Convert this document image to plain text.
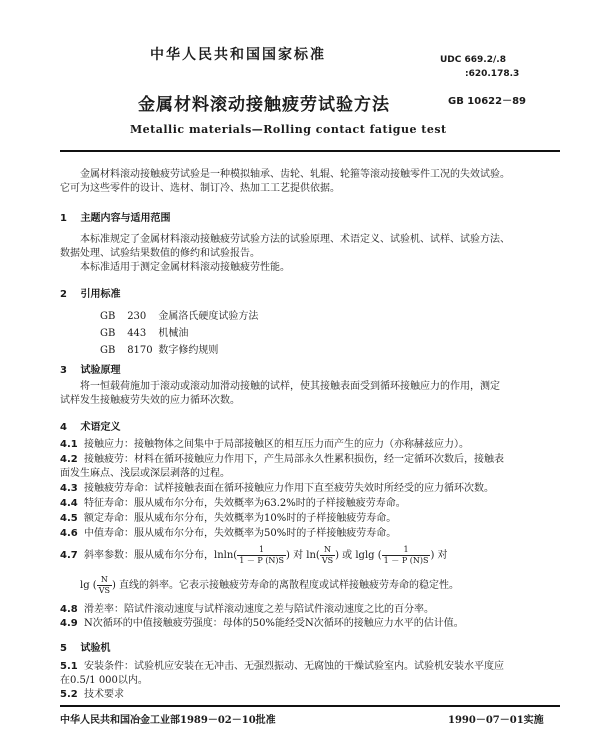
中华人民共和国国家标准	UDC 669.2/.8
:620.178.3
GB 10622－89
金属材料滚动接触疲劳试验方法
Metallic materials—Rolling contact fatigue test
金属材料滚动接触疲劳试验是一种模拟轴承、齿轮、轧辊、轮箍等滚动接触零件工况的失效试验。
它可为这些零件的设计、选材、制订冷、热加工工艺提供依据。
1 主题内容与适用范围
本标准规定了金属材料滚动接触疲劳试验方法的试验原理、术语定义、试验机、试样、试验方法、
数据处理、试验结果数值的修约和试验报告。
本标准适用于测定金属材料滚动接触疲劳性能。
2 引用标准
GB 230 金属洛氏硬度试验方法
GB 443 机械油
GB 8170 数字修约规则
3 试验原理
将一恒载荷施加于滚动或滚动加滑动接触的试样，使其接触表面受到循环接触应力的作用，测定
试样发生接触疲劳失效的应力循环次数。
4 术语定义
4.1 接触应力：接触物体之间集中于局部接触区的相互压力而产生的应力（亦称赫兹应力）。
4.2 接触疲劳：材料在循环接触应力作用下，产生局部永久性累积损伤，经一定循环次数后，接触表
面发生麻点、浅层或深层剥落的过程。
4.3 接触疲劳寿命：试样接触表面在循环接触应力作用下直至疲劳失效时所经受的应力循环次数。
4.4 特征寿命：服从威布尔分布，失效概率为63.2%时的子样接触疲劳寿命。
4.5 额定寿命：服从威布尔分布，失效概率为10%时的子样接触疲劳寿命。
4.6 中值寿命：服从威布尔分布，失效概率为50%时的子样接触疲劳寿命。
4.7 斜率参数：服从威布尔分布，$lnln( \frac{1}{1 - P (N)S}$ ) 对 $\ln( \frac{N}{VS}$ ) 或 lglg ( $\frac{1}{1 - P (N)S}$ ) 对
lg ( $\frac{N}{VS}$ ) 直线的斜率。它表示接触疲劳寿命的离散程度或试样接触疲劳寿命的稳定性。
4.8 滑差率：陪试件滚动速度与试样滚动速度之差与陪试件滚动速度之比的百分率。
4.9 N次循环的中值接触疲劳强度：母体的50%能经受N次循环的接触应力水平的估计值。
5 试验机
5.1 安装条件：试验机应安装在无冲击、无强烈振动、无腐蚀的干燥试验室内。试验机安装水平度应
在0.5/1 000以内。
5.2 技术要求
中华人民共和国冶金工业部1989－02－10批准	1990－07－01实施
